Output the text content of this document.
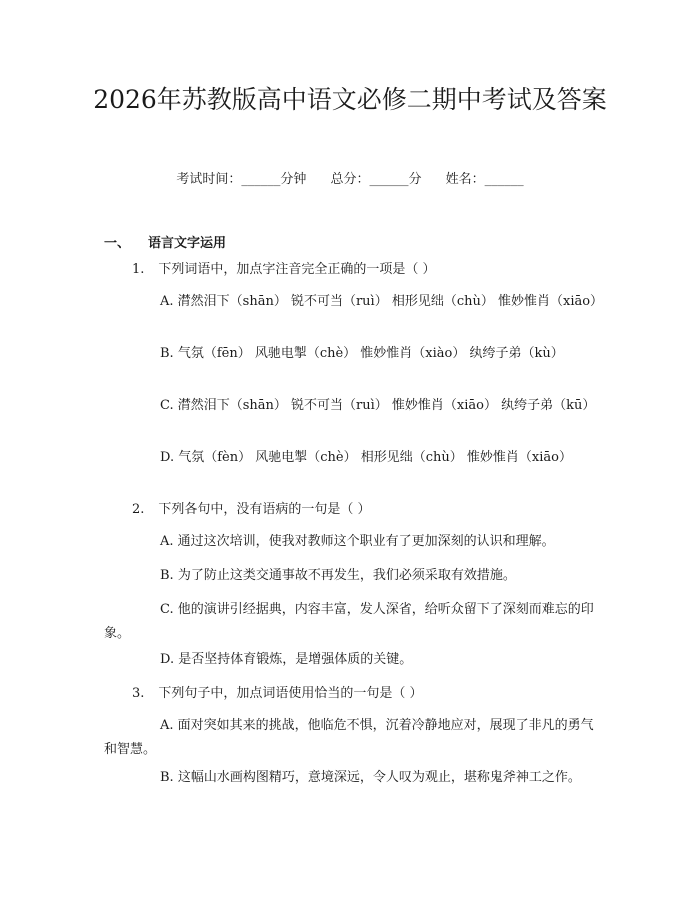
2026年苏教版高中语文必修二期中考试及答案
考试时间：______分钟 总分：______分 姓名：______
一、 语言文字运用

1. 下列词语中，加点字注音完全正确的一项是（ ）

A. 潸然泪下（shān） 锐不可当（ruì） 相形见绌（chù） 惟妙惟肖（xiāo）

B. 气氛（fēn） 风驰电掣（chè） 惟妙惟肖（xiào） 纨绔子弟（kù）

C. 潸然泪下（shān） 锐不可当（ruì） 惟妙惟肖（xiāo） 纨绔子弟（kū）

D. 气氛（fèn） 风驰电掣（chè） 相形见绌（chù） 惟妙惟肖（xiāo）

2. 下列各句中，没有语病的一句是（ ）

A. 通过这次培训，使我对教师这个职业有了更加深刻的认识和理解。

B. 为了防止这类交通事故不再发生，我们必须采取有效措施。

C. 他的演讲引经据典，内容丰富，发人深省，给听众留下了深刻而难忘的印象。

D. 是否坚持体育锻炼，是增强体质的关键。

3. 下列句子中，加点词语使用恰当的一句是（ ）

A. 面对突如其来的挑战，他临危不惧，沉着冷静地应对，展现了非凡的勇气和智慧。

B. 这幅山水画构图精巧，意境深远，令人叹为观止，堪称鬼斧神工之作。
